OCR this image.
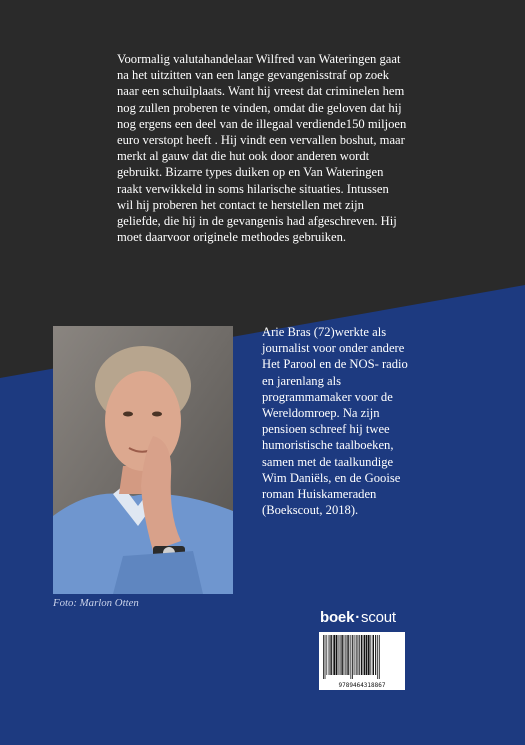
Voormalig valutahandelaar Wilfred van Wateringen gaat na het uitzitten van een lange gevangenisstraf op zoek naar een schuilplaats. Want hij vreest dat criminelen hem nog zullen proberen te vinden, omdat die geloven dat hij nog ergens een deel van de illegaal verdiende150 miljoen euro verstopt heeft . Hij vindt een vervallen boshut, maar merkt al gauw dat die hut ook door anderen wordt gebruikt. Bizarre types duiken op en Van Wateringen raakt verwikkeld in soms hilarische situaties. Intussen wil hij proberen het contact te herstellen met zijn geliefde, die hij in de gevangenis had afgeschreven. Hij moet daarvoor originele methodes gebruiken.

Arie Bras (72)werkte als journalist voor onder andere Het Parool en de NOS- radio en jarenlang als programmamaker voor de Wereldomroep. Na zijn pensioen schreef hij twee humoristische taalboeken, samen met de taalkundige Wim Daniëls, en de Gooise roman Huiskameraden (Boekscout, 2018).

Foto: Marlon Otten
boek·scout
9789464318867
